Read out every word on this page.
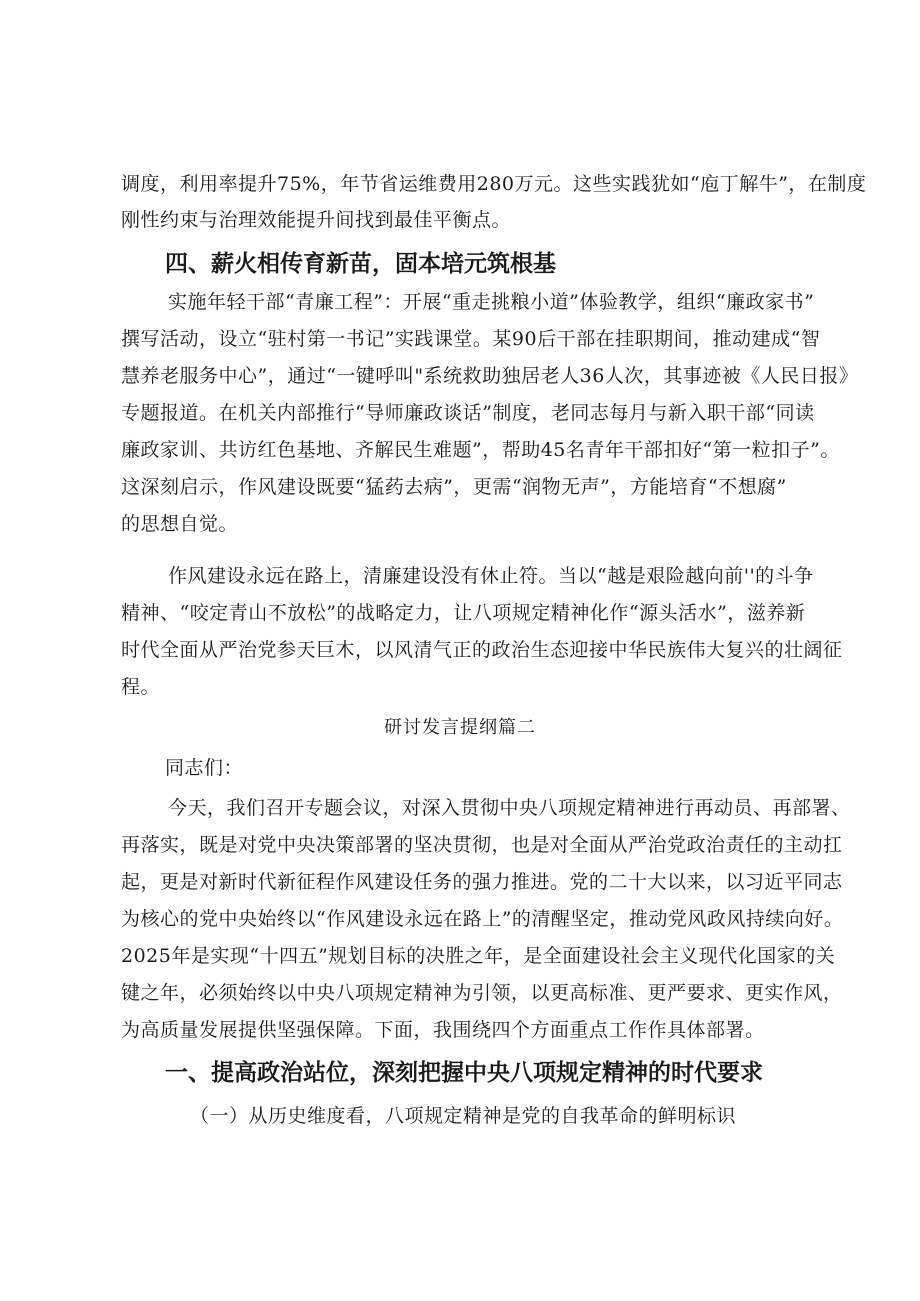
调度，利用率提升75%，年节省运维费用280万元。这些实践犹如“庖丁解牛”，在制度
刚性约束与治理效能提升间找到最佳平衡点。
四、薪火相传育新苗，固本培元筑根基
实施年轻干部“青廉工程”：开展“重走挑粮小道”体验教学，组织“廉政家书”
撰写活动，设立“驻村第一书记”实践课堂。某90后干部在挂职期间，推动建成“智
慧养老服务中心”，通过“一键呼叫"系统救助独居老人36人次，其事迹被《人民日报》
专题报道。在机关内部推行“导师廉政谈话”制度，老同志每月与新入职干部“同读
廉政家训、共访红色基地、齐解民生难题”，帮助45名青年干部扣好“第一粒扣子”。
这深刻启示，作风建设既要“猛药去病”，更需“润物无声”，方能培育“不想腐”
的思想自觉。
作风建设永远在路上，清廉建设没有休止符。当以“越是艰险越向前''的斗争
精神、“咬定青山不放松”的战略定力，让八项规定精神化作“源头活水”，滋养新
时代全面从严治党参天巨木，以风清气正的政治生态迎接中华民族伟大复兴的壮阔征
程。
研讨发言提纲篇二
同志们：
今天，我们召开专题会议，对深入贯彻中央八项规定精神进行再动员、再部署、
再落实，既是对党中央决策部署的坚决贯彻，也是对全面从严治党政治责任的主动扛
起，更是对新时代新征程作风建设任务的强力推进。党的二十大以来，以习近平同志
为核心的党中央始终以“作风建设永远在路上”的清醒坚定，推动党风政风持续向好。
2025年是实现“十四五”规划目标的决胜之年，是全面建设社会主义现代化国家的关
键之年，必须始终以中央八项规定精神为引领，以更高标准、更严要求、更实作风，
为高质量发展提供坚强保障。下面，我围绕四个方面重点工作作具体部署。
一、提高政治站位，深刻把握中央八项规定精神的时代要求
（一）从历史维度看，八项规定精神是党的自我革命的鲜明标识
